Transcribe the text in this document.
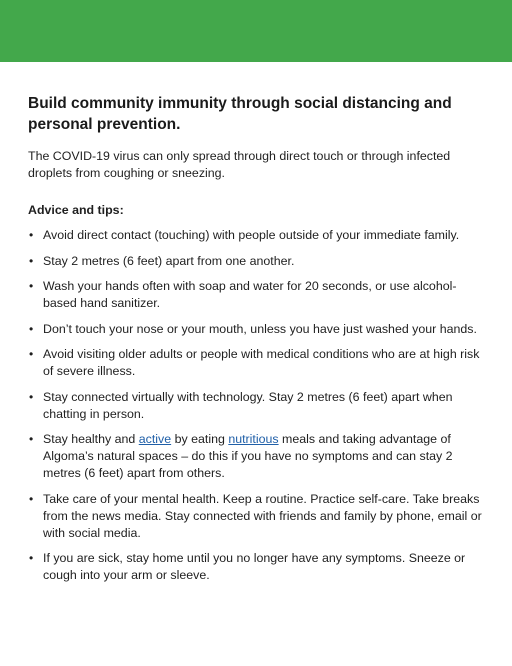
Build community immunity through social distancing and personal prevention.

The COVID-19 virus can only spread through direct touch or through infected droplets from coughing or sneezing.

Advice and tips:

• Avoid direct contact (touching) with people outside of your immediate family.
• Stay 2 metres (6 feet) apart from one another.
• Wash your hands often with soap and water for 20 seconds, or use alcohol-based hand sanitizer.
• Don’t touch your nose or your mouth, unless you have just washed your hands.
• Avoid visiting older adults or people with medical conditions who are at high risk of severe illness.
• Stay connected virtually with technology. Stay 2 metres (6 feet) apart when chatting in person.
• Stay healthy and active by eating nutritious meals and taking advantage of Algoma’s natural spaces – do this if you have no symptoms and can stay 2 metres (6 feet) apart from others.
• Take care of your mental health. Keep a routine. Practice self-care. Take breaks from the news media. Stay connected with friends and family by phone, email or with social media.
• If you are sick, stay home until you no longer have any symptoms. Sneeze or cough into your arm or sleeve.
